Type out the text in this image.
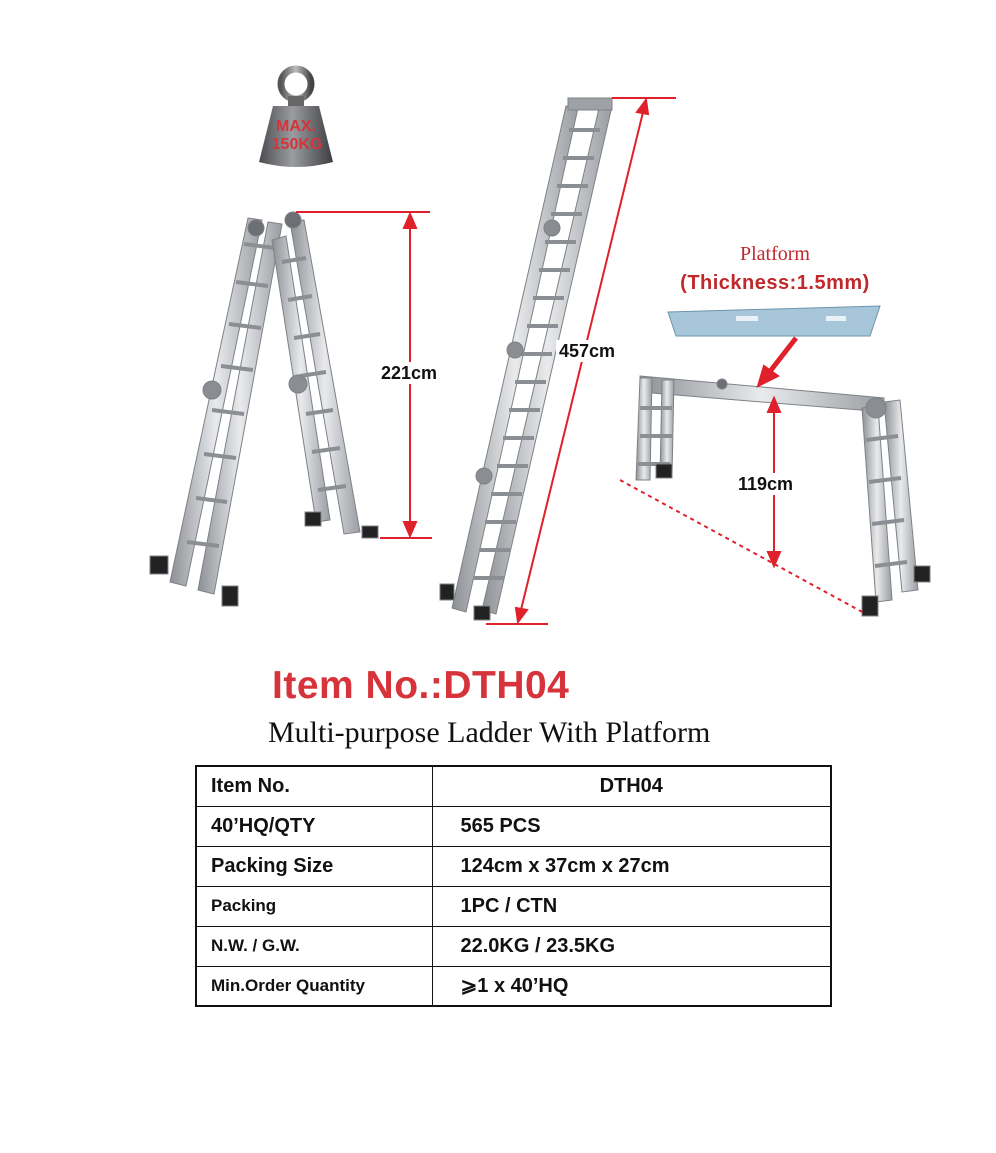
MAX.
150KG
221cm
457cm
119cm
Platform
(Thickness:1.5mm)
Item No.:DTH04
Multi-purpose Ladder With Platform
Item No.	DTH04
40’HQ/QTY	565 PCS
Packing Size	124cm x 37cm x 27cm
Packing	1PC / CTN
N.W. / G.W.	22.0KG / 23.5KG
Min.Order Quantity	⩾1 x 40’HQ
